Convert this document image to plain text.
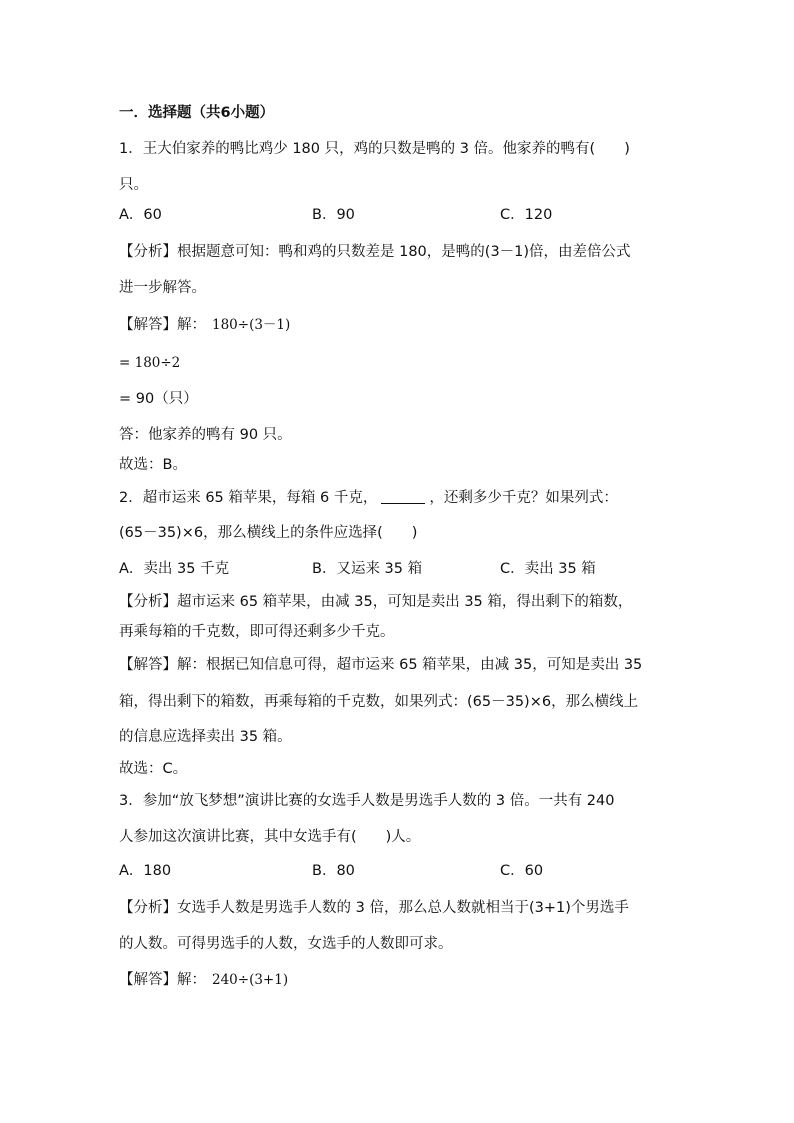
一．选择题（共6小题）
1．王大伯家养的鸭比鸡少 180 只，鸡的只数是鸭的 3 倍。他家养的鸭有(　　)
只。
A．60	B．90	C．120
【分析】根据题意可知：鸭和鸡的只数差是 180，是鸭的(3－1)倍，由差倍公式
进一步解答。
【解答】解： 180÷(3－1)
= 180÷2
= 90（只）
答：他家养的鸭有 90 只。
故选：B。
2．超市运来 65 箱苹果，每箱 6 千克，	，还剩多少千克？如果列式：
(65－35)×6，那么横线上的条件应选择(　　)
A．卖出 35 千克	B．又运来 35 箱	C．卖出 35 箱
【分析】超市运来 65 箱苹果，由减 35，可知是卖出 35 箱，得出剩下的箱数，
再乘每箱的千克数，即可得还剩多少千克。
【解答】解：根据已知信息可得，超市运来 65 箱苹果，由减 35，可知是卖出 35
箱，得出剩下的箱数，再乘每箱的千克数，如果列式：(65－35)×6，那么横线上
的信息应选择卖出 35 箱。
故选：C。
3．参加“放飞梦想”演讲比赛的女选手人数是男选手人数的 3 倍。一共有 240
人参加这次演讲比赛，其中女选手有(　　)人。
A．180	B．80	C．60
【分析】女选手人数是男选手人数的 3 倍，那么总人数就相当于(3+1)个男选手
的人数。可得男选手的人数，女选手的人数即可求。
【解答】解： 240÷(3+1)
